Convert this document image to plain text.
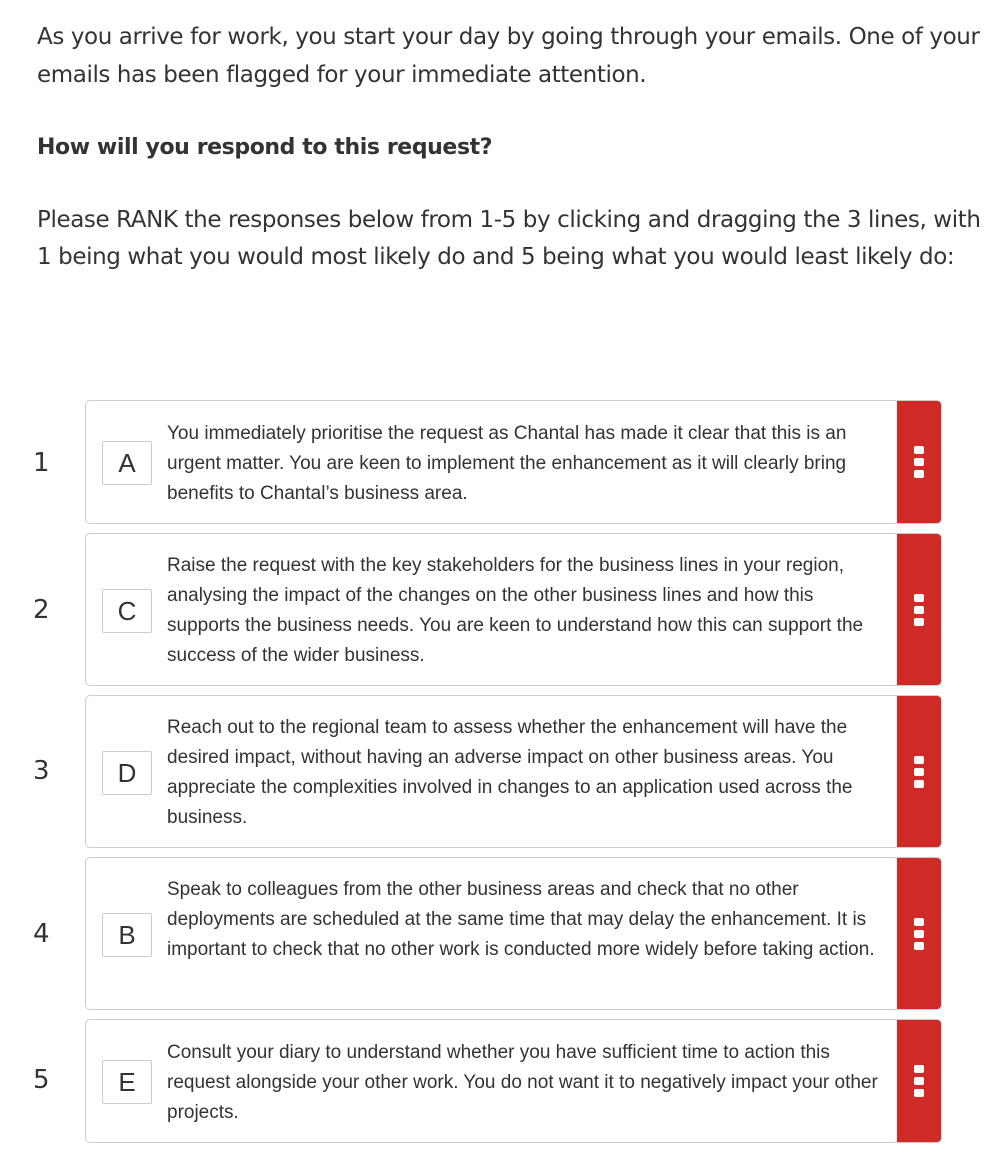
As you arrive for work, you start your day by going through your emails. One of your emails has been flagged for your immediate attention.
How will you respond to this request?
Please RANK the responses below from 1-5 by clicking and dragging the 3 lines, with 1 being what you would most likely do and 5 being what you would least likely do:
1	A
You immediately prioritise the request as Chantal has made it clear that this is an urgent matter. You are keen to implement the enhancement as it will clearly bring benefits to Chantal’s business area.
2	C
Raise the request with the key stakeholders for the business lines in your region, analysing the impact of the changes on the other business lines and how this supports the business needs. You are keen to understand how this can support the success of the wider business.
3	D
Reach out to the regional team to assess whether the enhancement will have the desired impact, without having an adverse impact on other business areas. You appreciate the complexities involved in changes to an application used across the business.
4	B
Speak to colleagues from the other business areas and check that no other deployments are scheduled at the same time that may delay the enhancement. It is important to check that no other work is conducted more widely before taking action.
5	E
Consult your diary to understand whether you have sufficient time to action this request alongside your other work. You do not want it to negatively impact your other projects.
